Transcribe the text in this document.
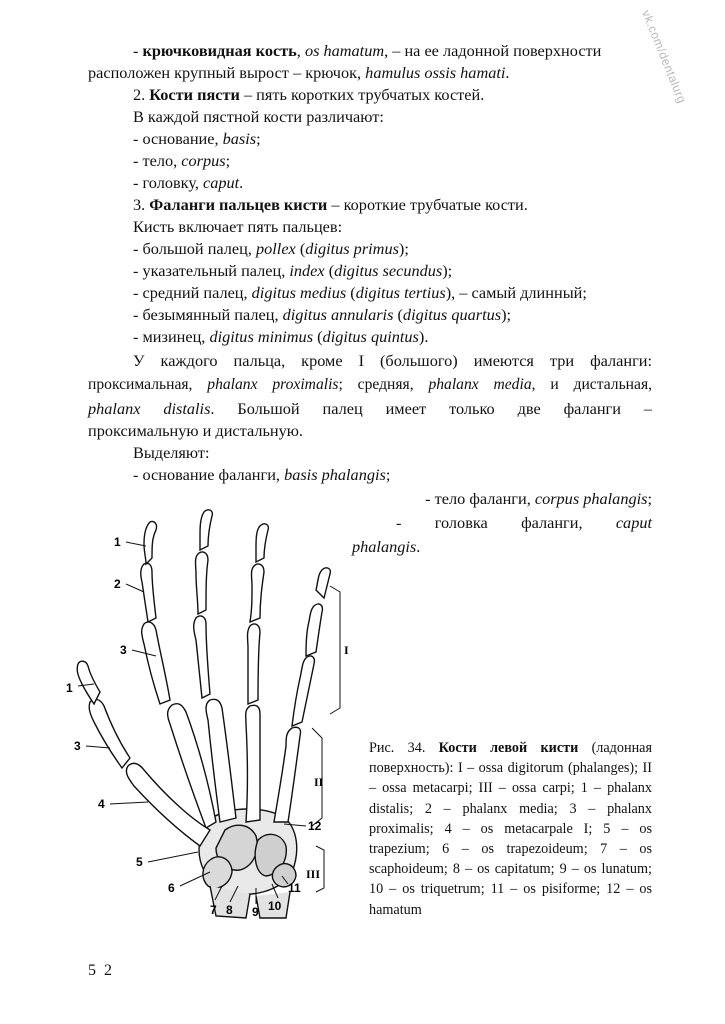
vk.com/dentalurg
- крючковидная кость, os hamatum, – на ее ладонной поверхности
расположен крупный вырост – крючок, hamulus ossis hamati.
2. Кости пясти – пять коротких трубчатых костей.
В каждой пястной кости различают:
- основание, basis;
- тело, corpus;
- головку, caput.
3. Фаланги пальцев кисти – короткие трубчатые кости.
Кисть включает пять пальцев:
- большой палец, pollex (digitus primus);
- указательный палец, index (digitus secundus);
- средний палец, digitus medius (digitus tertius), – самый длинный;
- безымянный палец, digitus annularis (digitus quartus);
- мизинец, digitus minimus (digitus quintus).
У каждого пальца, кроме I (большого) имеются три фаланги:
проксимальная, phalanx proximalis; средняя, phalanx media, и дистальная,
phalanx distalis. Большой палец имеет только две фаланги –
проксимальную и дистальную.
Выделяют:
- основание фаланги, basis phalangis;
- тело фаланги, corpus phalangis;
- головка фаланги, caput
phalangis.
1
2
3
1
3
4
5
6
7 8 9 10
11
12
I
II
III
Рис. 34. Кости левой кисти (ладонная поверхность): I – ossa digitorum (phalanges); II – ossa metacarpi; III – ossa carpi; 1 – phalanx distalis; 2 – phalanx media; 3 – phalanx proximalis; 4 – os metacarpale I; 5 – os trapezium; 6 – os trapezoideum; 7 – os scaphoideum; 8 – os capitatum; 9 – os lunatum; 10 – os triquetrum; 11 – os pisiforme; 12 – os hamatum
5 2
